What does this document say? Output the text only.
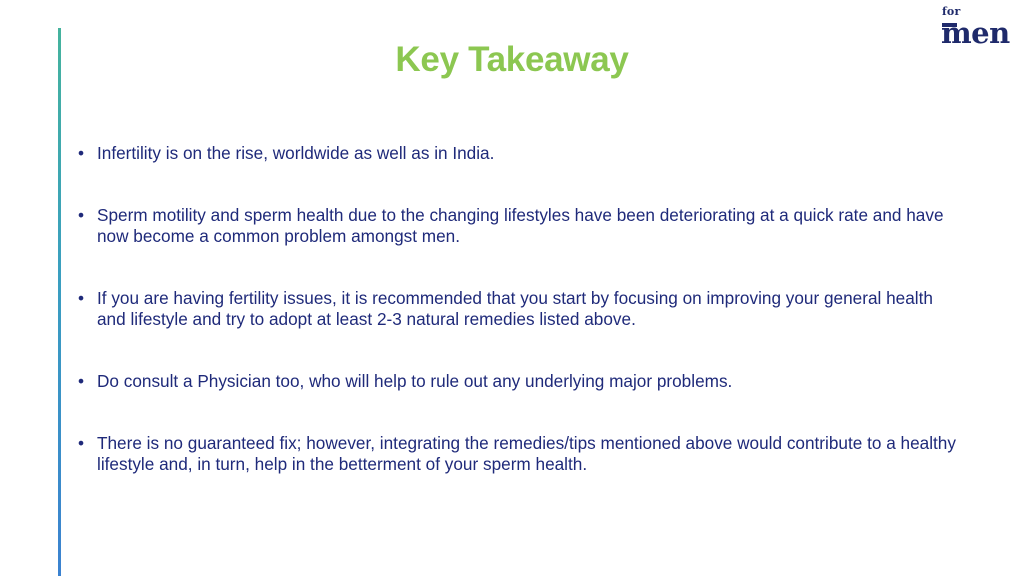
for
men
Key Takeaway
• Infertility is on the rise, worldwide as well as in India.
• Sperm motility and sperm health due to the changing lifestyles have been deteriorating at a quick rate and have now become a common problem amongst men.
• If you are having fertility issues, it is recommended that you start by focusing on improving your general health and lifestyle and try to adopt at least 2-3 natural remedies listed above.
• Do consult a Physician too, who will help to rule out any underlying major problems.
• There is no guaranteed fix; however, integrating the remedies/tips mentioned above would contribute to a healthy lifestyle and, in turn, help in the betterment of your sperm health.
